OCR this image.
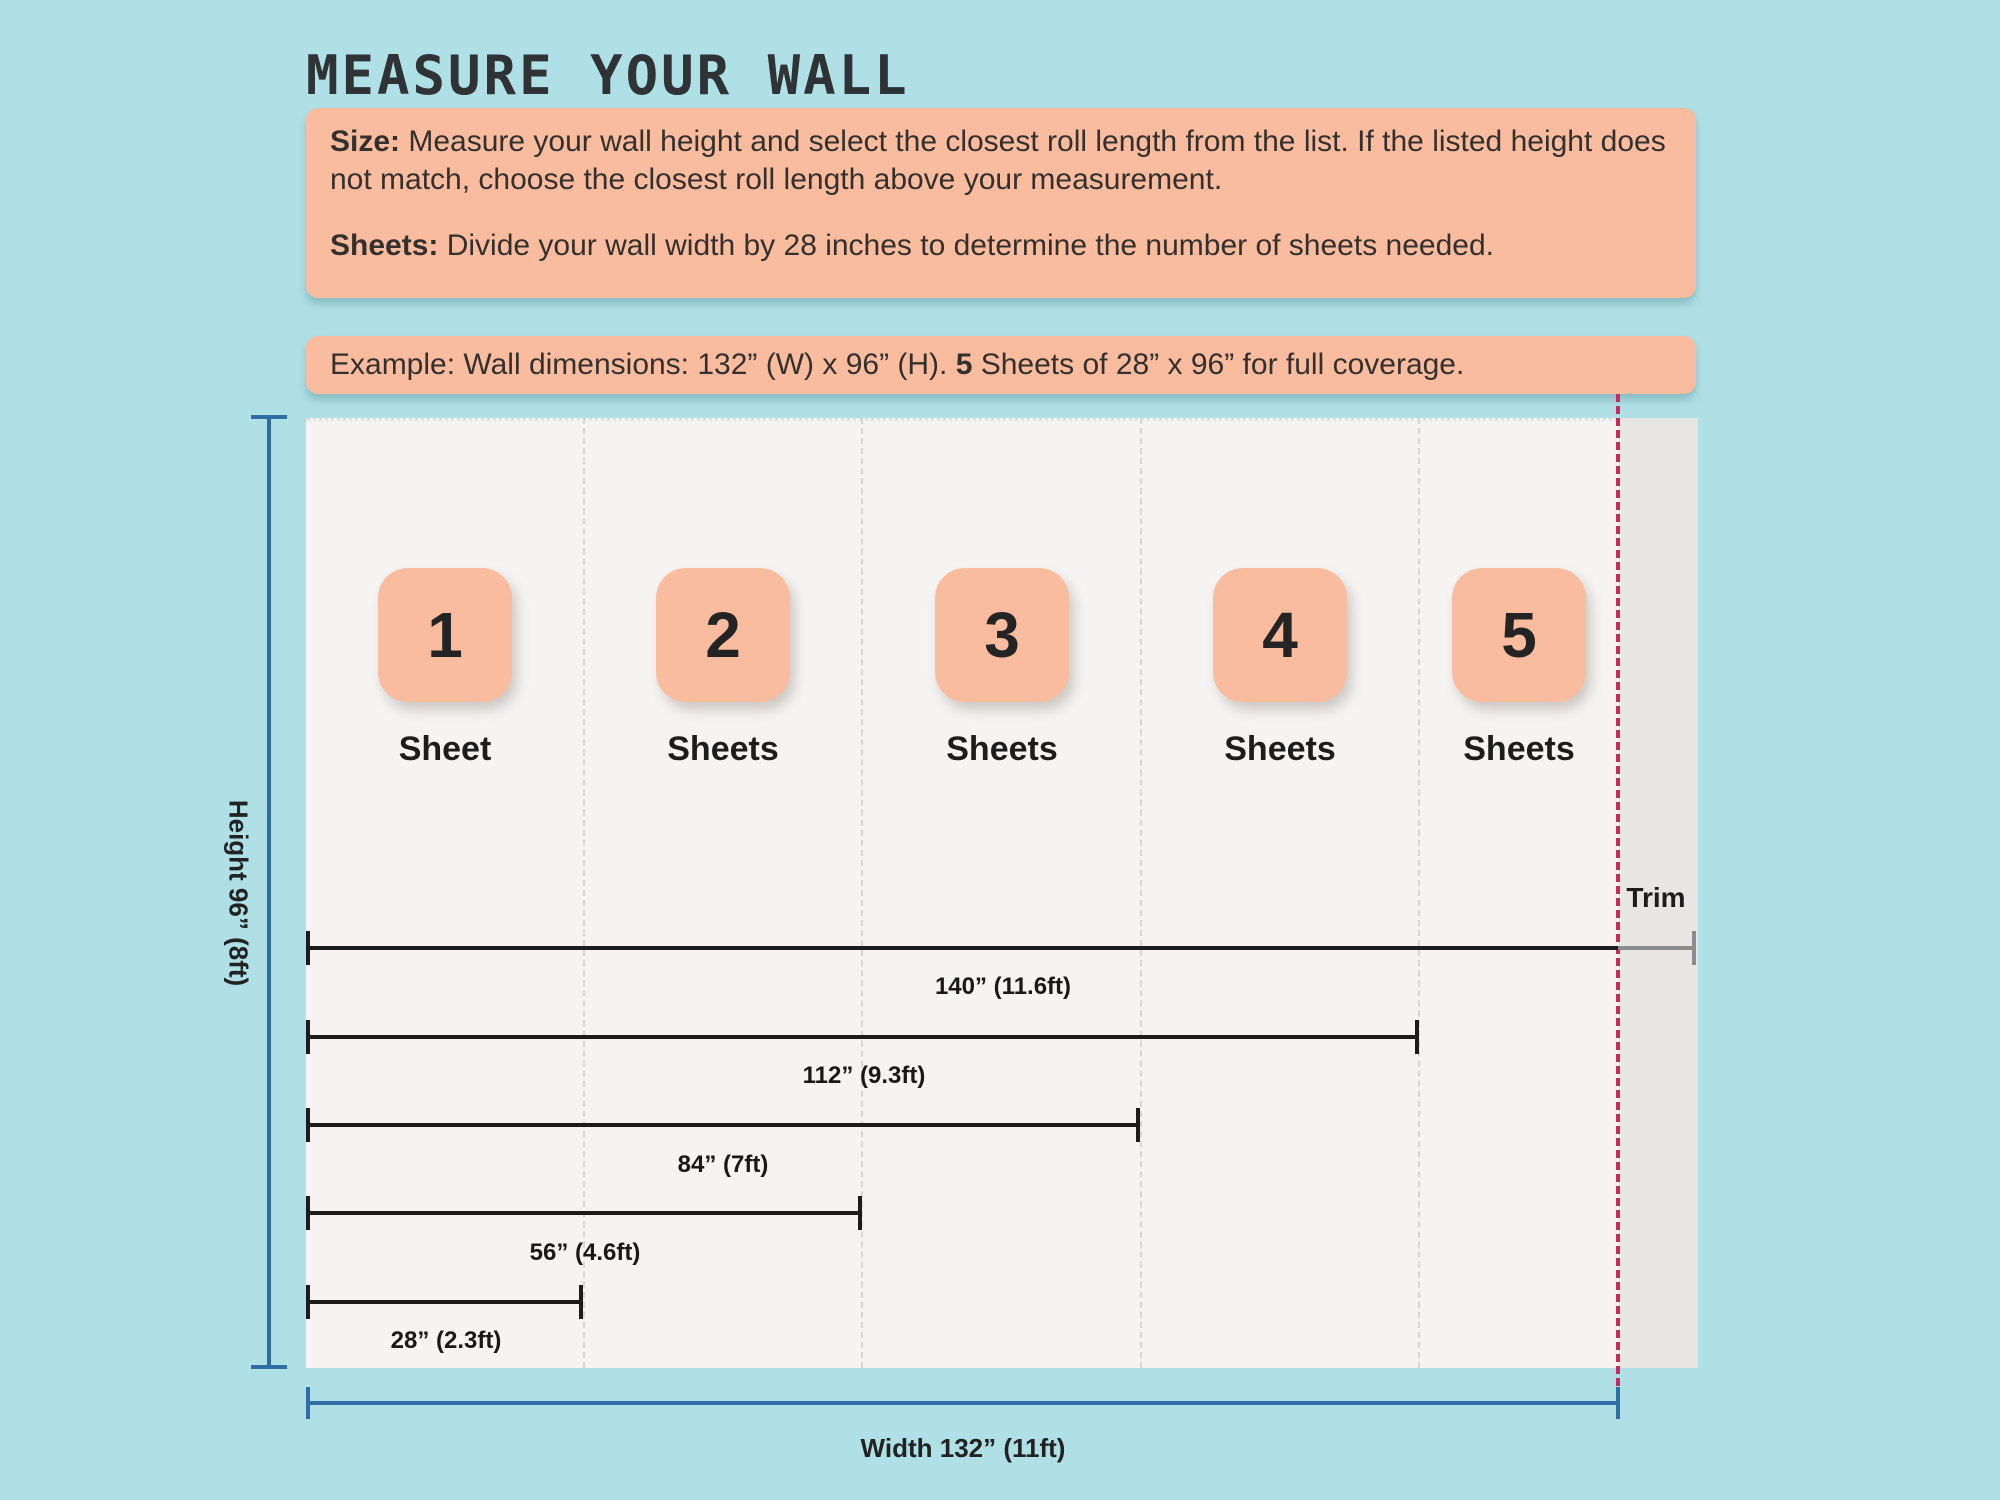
MEASURE YOUR WALL

Size: Measure your wall height and select the closest roll length from the list. If the listed height does not match, choose the closest roll length above your measurement.

Sheets: Divide your wall width by 28 inches to determine the number of sheets needed.

Example: Wall dimensions: 132” (W) x 96” (H). 5 Sheets of 28” x 96” for full coverage.
Trim
1	2	3	4	5
Sheet	Sheets	Sheets	Sheets	Sheets
140” (11.6ft)
112” (9.3ft)
84” (7ft)
56” (4.6ft)
28” (2.3ft)
Height 96” (8ft)
Width 132” (11ft)
